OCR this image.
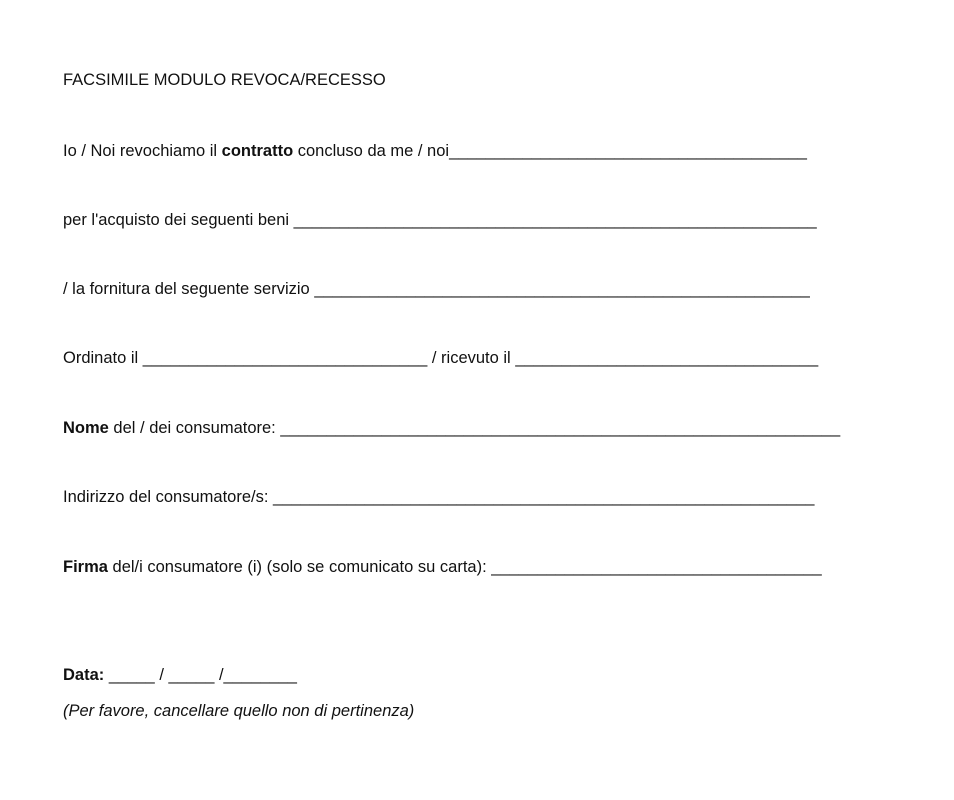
FACSIMILE MODULO REVOCA/RECESSO
Io / Noi revochiamo il contratto concluso da me / noi_______________________________________
per l'acquisto dei seguenti beni _________________________________________________________
/ la fornitura del seguente servizio ______________________________________________________
Ordinato il _______________________________ / ricevuto il _________________________________
Nome del / dei consumatore: _____________________________________________________________
Indirizzo del consumatore/s: ___________________________________________________________
Firma del/i consumatore (i) (solo se comunicato su carta): ____________________________________
Data: _____ / _____ /________
(Per favore, cancellare quello non di pertinenza)
